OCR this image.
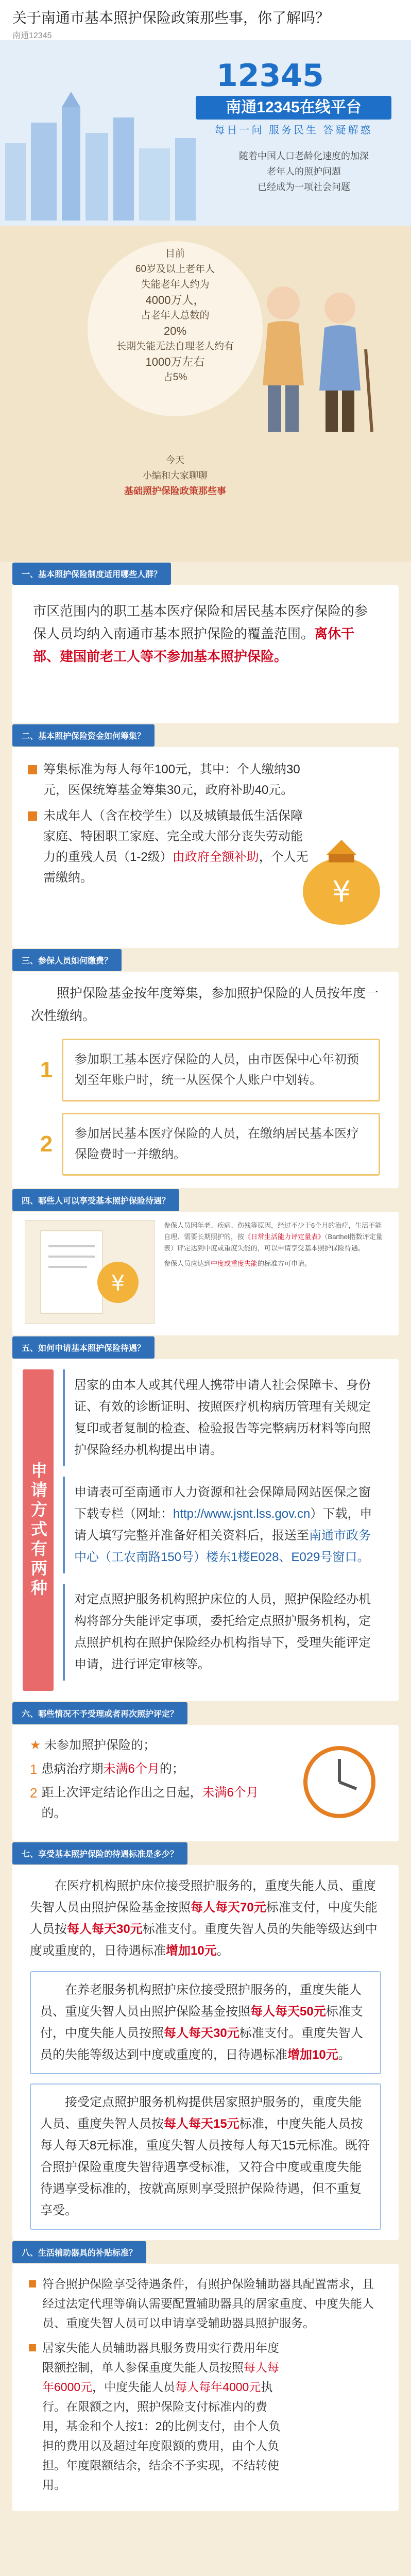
关于南通市基本照护保险政策那些事，你了解吗？
南通12345
12345
南通12345在线平台
每日一问 服务民生 答疑解惑
随着中国人口老龄化速度的加深
老年人的照护问题
已经成为一项社会问题
目前
60岁及以上老年人
失能老年人约为
4000万人，
占老年人总数的
20%
长期失能无法自理老人约有
1000万左右
占5%
今天
小编和大家聊聊
基础照护保险政策那些事
一、基本照护保险制度适用哪些人群？
市区范围内的职工基本医疗保险和居民基本医疗保险的参保人员均纳入南通市基本照护保险的覆盖范围。离休干部、建国前老工人等不参加基本照护保险。
二、基本照护保险资金如何筹集？
筹集标准为每人每年100元，其中：个人缴纳30元，医保统筹基金筹集30元，政府补助40元。
未成年人（含在校学生）以及城镇最低生活保障家庭、特困职工家庭、完全或大部分丧失劳动能力的重残人员（1-2级）由政府全额补助，个人无需缴纳。	¥
三、参保人员如何缴费？
照护保险基金按年度筹集，参加照护保险的人员按年度一次性缴纳。
1	参加职工基本医疗保险的人员，由市医保中心年初预划至年账户时，统一从医保个人账户中划转。
2	参加居民基本医疗保险的人员，在缴纳居民基本医疗保险费时一并缴纳。
四、哪些人可以享受基本照护保险待遇？
¥
参保人员因年老、疾病、伤残等原因，经过不少于6个月的治疗，生活不能自理、需要长期照护的，按《日常生活能力评定量表》（Barthel指数评定量表）评定达到中度或重度失能的，可以申请享受基本照护保险待遇。
参保人员应达到中度或重度失能的标准方可申请。
五、如何申请基本照护保险待遇？
申请方式有两种
居家的由本人或其代理人携带申请人社会保障卡、身份证、有效的诊断证明、按照医疗机构病历管理有关规定复印或者复制的检查、检验报告等完整病历材料等向照护保险经办机构提出申请。
申请表可至南通市人力资源和社会保障局网站医保之窗下载专栏（网址：http://www.jsnt.lss.gov.cn）下载，申请人填写完整并准备好相关资料后，报送至南通市政务中心（工农南路150号）楼东1楼E028、E029号窗口。
对定点照护服务机构照护床位的人员，照护保险经办机构将部分失能评定事项，委托给定点照护服务机构，定点照护机构在照护保险经办机构指导下，受理失能评定申请，进行评定审核等。
六、哪些情况不予受理或者再次照护评定？
★ 未参加照护保险的；
1 患病治疗期未满6个月的；
2 距上次评定结论作出之日起，未满6个月的。
七、享受基本照护保险的待遇标准是多少？
在医疗机构照护床位接受照护服务的，重度失能人员、重度失智人员由照护保险基金按照每人每天70元标准支付，中度失能人员按每人每天30元标准支付。重度失智人员的失能等级达到中度或重度的，日待遇标准增加10元。
在养老服务机构照护床位接受照护服务的，重度失能人员、重度失智人员由照护保险基金按照每人每天50元标准支付，中度失能人员按照每人每天30元标准支付。重度失智人员的失能等级达到中度或重度的，日待遇标准增加10元。
接受定点照护服务机构提供居家照护服务的，重度失能人员、重度失智人员按每人每天15元标准，中度失能人员按每人每天8元标准，重度失智人员按每人每天15元标准。既符合照护保险重度失智待遇享受标准，又符合中度或重度失能待遇享受标准的，按就高原则享受照护保险待遇，但不重复享受。
八、生活辅助器具的补贴标准？
符合照护保险享受待遇条件，有照护保险辅助器具配置需求，且经过法定代理等确认需要配置辅助器具的居家重度、中度失能人员、重度失智人员可以申请享受辅助器具照护服务。
居家失能人员辅助器具服务费用实行费用年度限额控制，单人参保重度失能人员按照每人每年6000元，中度失能人员每人每年4000元执行。在限额之内，照护保险支付标准内的费用，基金和个人按1：2的比例支付，由个人负担的费用以及超过年度限额的费用，由个人负担。年度限额结余，结余不予实现，不结转使用。
